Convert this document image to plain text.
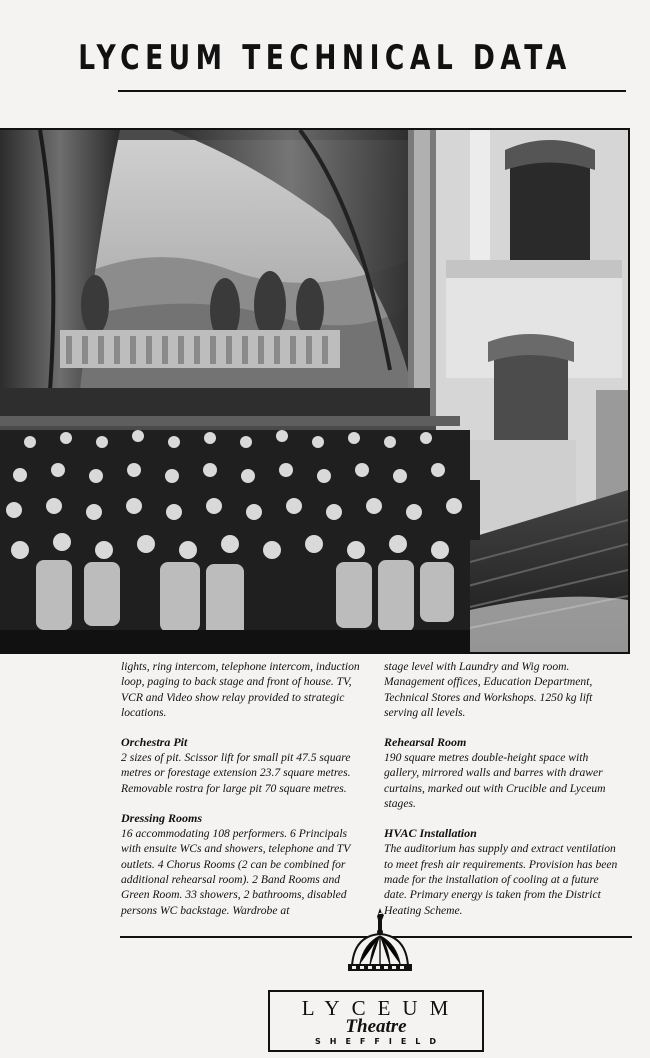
LYCEUM TECHNICAL DATA

lights, ring intercom, telephone intercom, induction loop, paging to back stage and front of house. TV, VCR and Video show relay provided to strategic locations.

Orchestra Pit

2 sizes of pit. Scissor lift for small pit 47.5 square metres or forestage extension 23.7 square metres. Removable rostra for large pit 70 square metres.

Dressing Rooms

16 accommodating 108 performers. 6 Principals with ensuite WCs and showers, telephone and TV outlets. 4 Chorus Rooms (2 can be combined for additional rehearsal room). 2 Band Rooms and Green Room. 33 showers, 2 bathrooms, disabled persons WC backstage. Wardrobe at

stage level with Laundry and Wig room. Management offices, Education Department, Technical Stores and Workshops. 1250 kg lift serving all levels.

Rehearsal Room

190 square metres double-height space with gallery, mirrored walls and barres with drawer curtains, marked out with Crucible and Lyceum stages.

HVAC Installation

The auditorium has supply and extract ventilation to meet fresh air requirements. Provision has been made for the installation of cooling at a future date. Primary energy is taken from the District Heating Scheme.

LYCEUM
Theatre
SHEFFIELD
